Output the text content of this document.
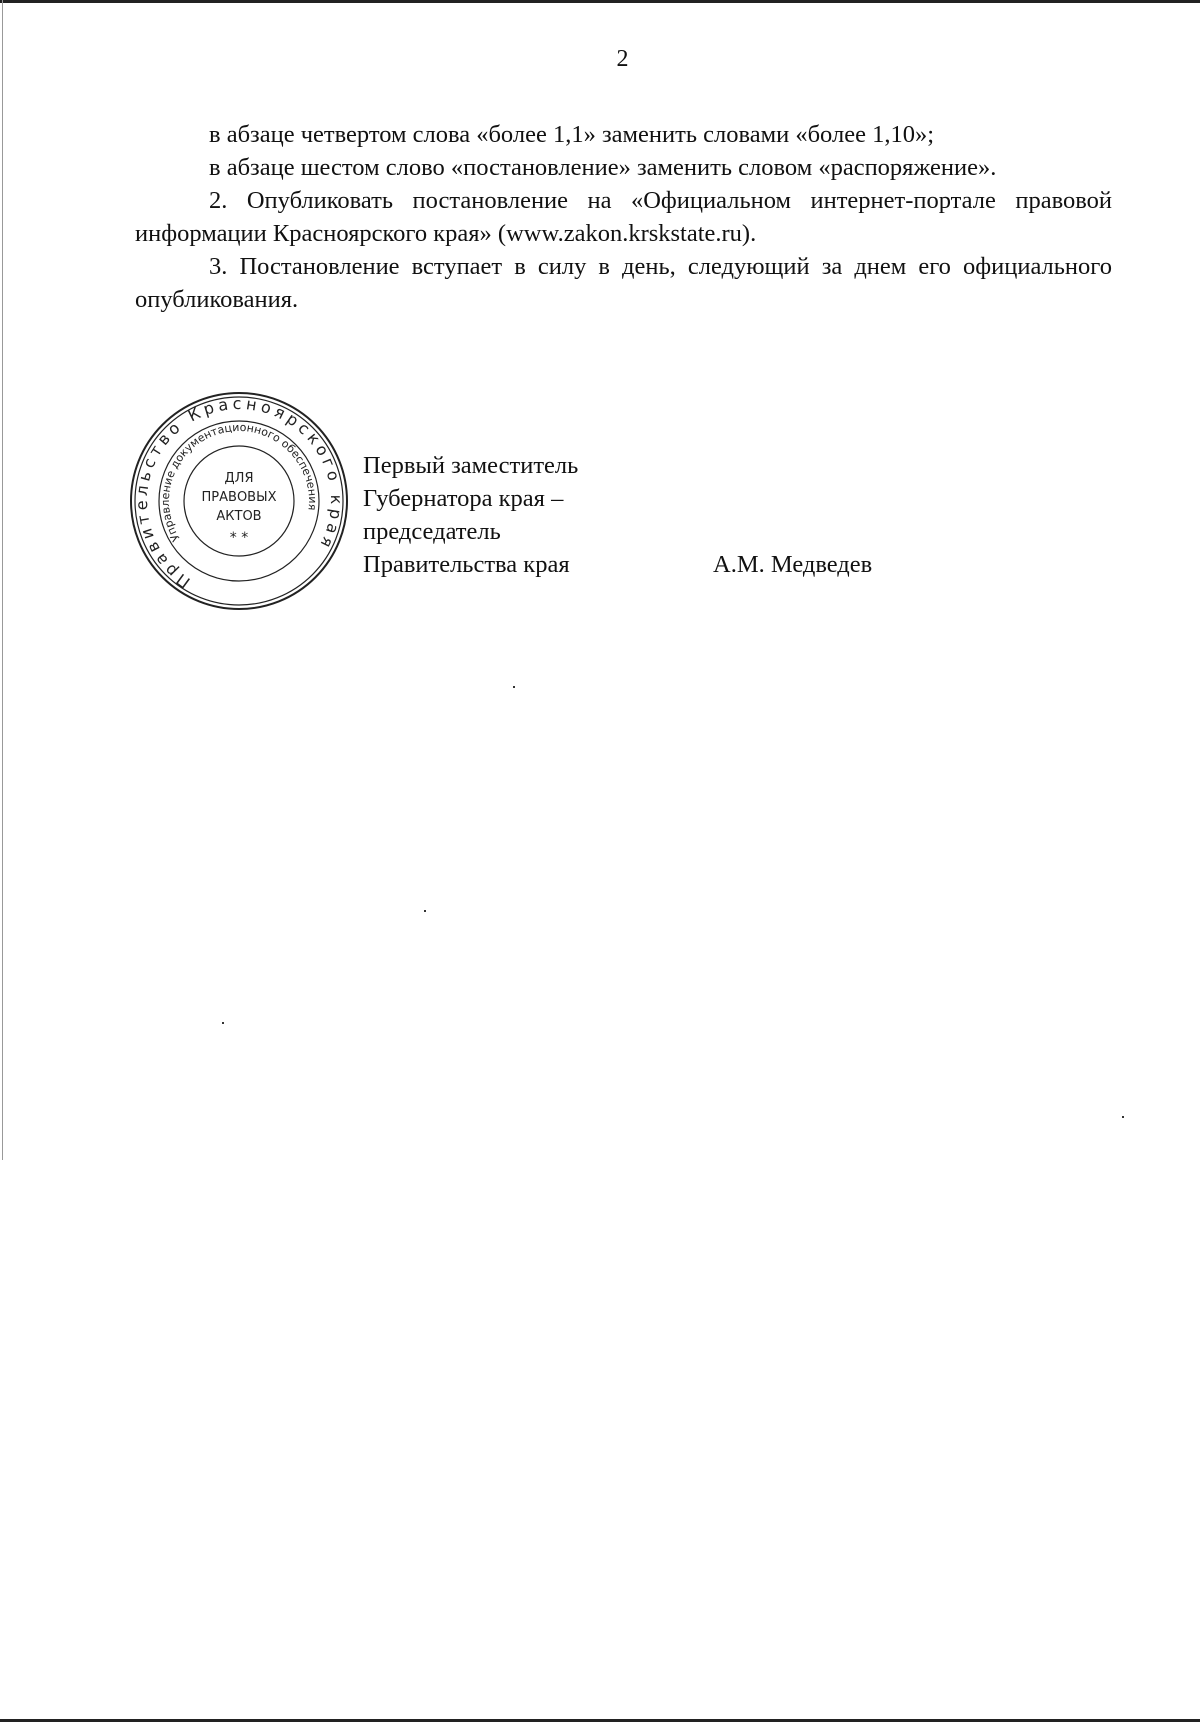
2

в абзаце четвертом слова «более 1,1» заменить словами «более 1,10»;

в абзаце шестом слово «постановление» заменить словом «распоряжение».

2. Опубликовать постановление на «Официальном интернет-портале правовой информации Красноярского края» (www.zakon.krskstate.ru).

3. Постановление вступает в силу в день, следующий за днем его официального опубликования.

Правительство Красноярского края
Управление документационного обеспечения
ДЛЯ
ПРАВОВЫХ
АКТОВ
* *
Первый заместитель
Губернатора края –
председатель
Правительства края	А.М. Медведев
